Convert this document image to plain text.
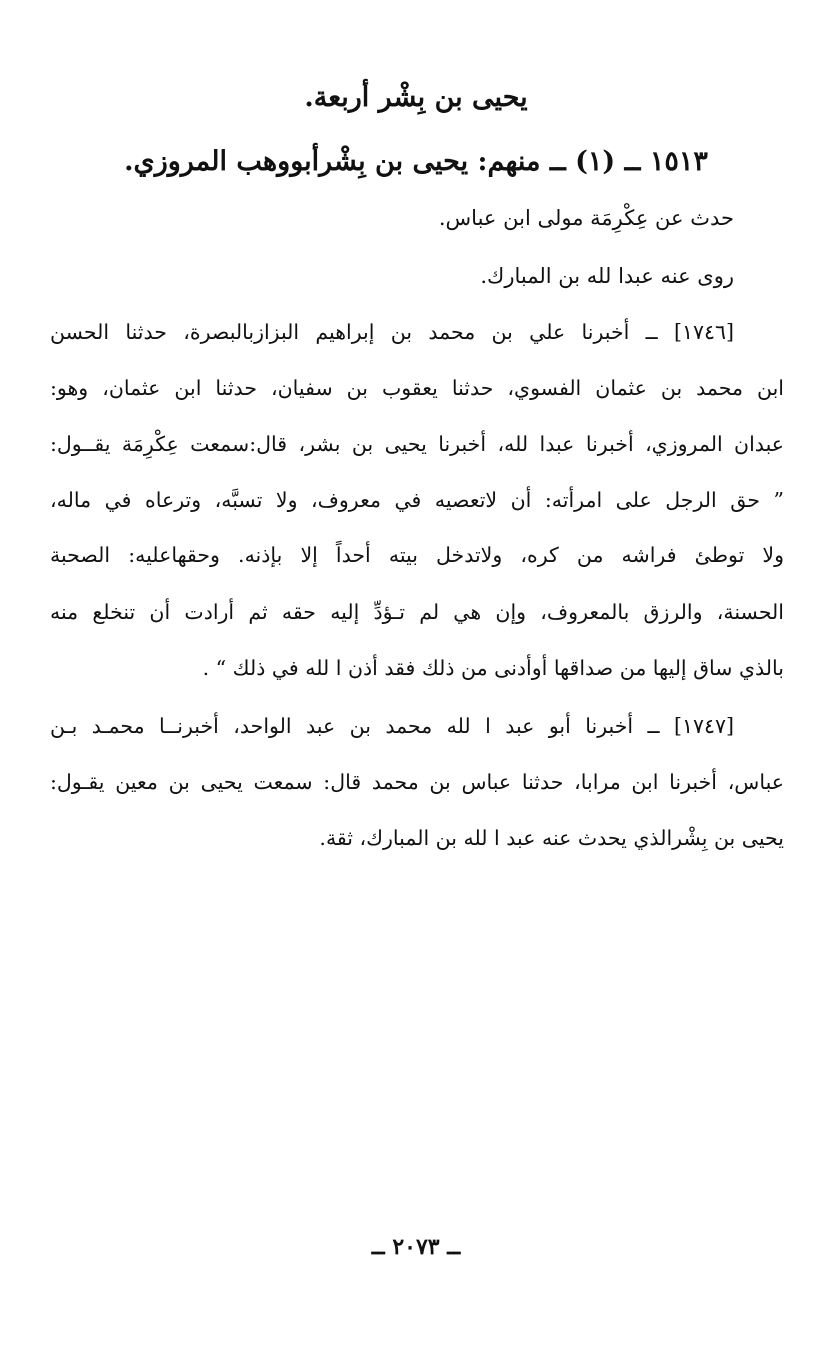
يحيى بن بِشْر أربعة.

١٥١٣ ــ (١) ــ منهم: يحيى بن بِشْرأبووهب المروزي.

حدث عن عِكْرِمَة مولى ابن عباس.

روى عنه عبدا لله بن المبارك.

[١٧٤٦] ــ أخبرنا علي بن محمد بن إبراهيم البزازبالبصرة، حدثنا الحسن

ابن محمد بن عثمان الفسوي، حدثنا يعقوب بن سفيان، حدثنا ابن عثمان، وهو:

عبدان المروزي، أخبرنا عبدا لله، أخبرنا يحيى بن بشر، قال:سمعت عِكْرِمَة يقــول:

” حق الرجل على امرأته: أن لاتعصيه في معروف، ولا تسبَّه، وترعاه في ماله،

ولا توطئ فراشه من كره، ولاتدخل بيته أحداً إلا بإذنه. وحقهاعليه: الصحبة

الحسنة، والرزق بالمعروف، وإن هي لم تـؤدِّ إليه حقه ثم أرادت أن تنخلع منه

بالذي ساق إليها من صداقها أوأدنى من ذلك فقد أذن ا لله في ذلك “ .

[١٧٤٧] ــ أخبرنا أبو عبد ا لله محمد بن عبد الواحد، أخبرنــا محمـد بـن

عباس، أخبرنا ابن مرابا، حدثنا عباس بن محمد قال: سمعت يحيى بن معين يقـول:

يحيى بن بِشْرالذي يحدث عنه عبد ا لله بن المبارك، ثقة.

ــ ٢٠٧٣ ــ
